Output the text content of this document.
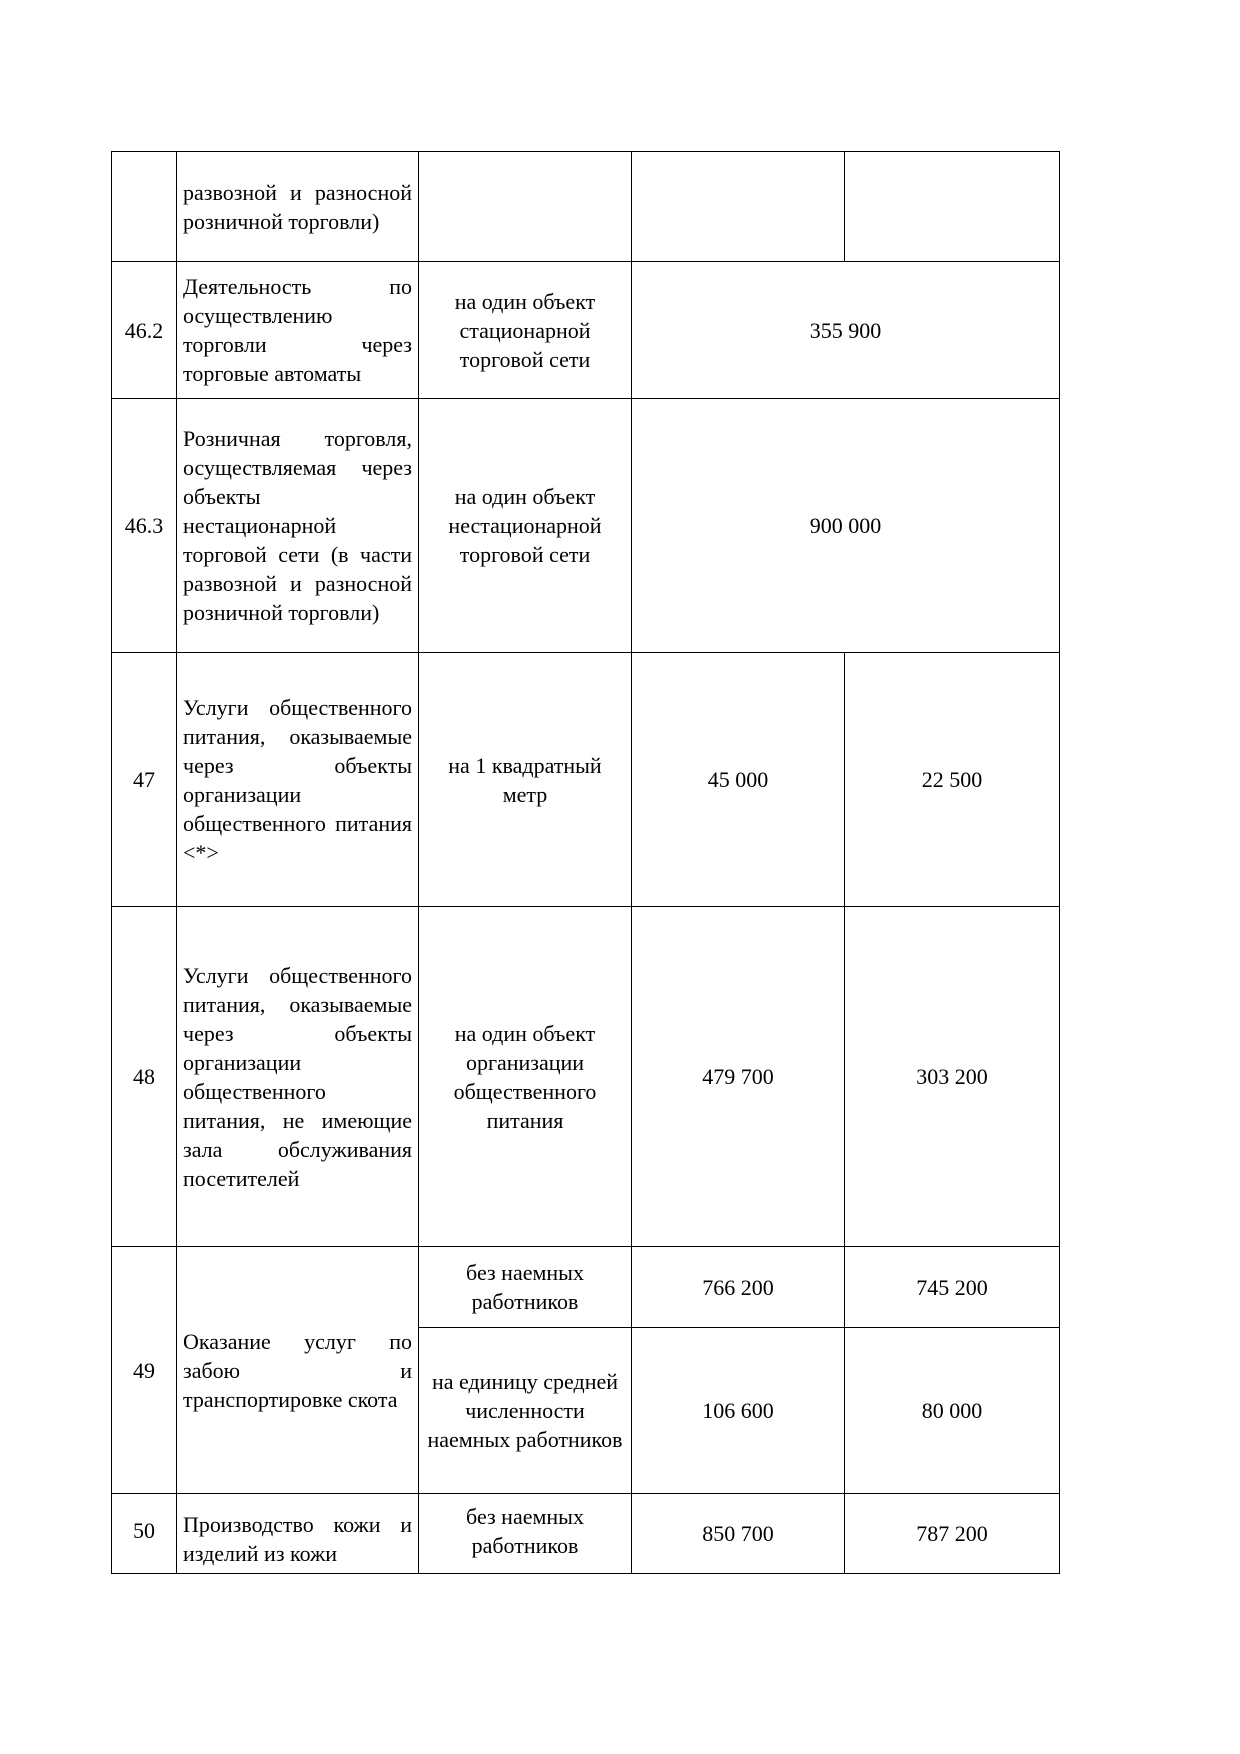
	развозной и разносной розничной торговли)			
46.2	Деятельность по осуществлению торговли через торговые автоматы	на один объект стационарной торговой сети	355 900	
46.3	Розничная торговля, осуществляемая через объекты нестационарной торговой сети (в части развозной и разносной розничной торговли)	на один объект нестационарной торговой сети	900 000	
47	Услуги общественного питания, оказываемые через объекты организации общественного питания <*>	на 1 квадратный метр	45 000	22 500
48	Услуги общественного питания, оказываемые через объекты организации общественного питания, не имеющие зала обслуживания посетителей	на один объект организации общественного питания	479 700	303 200
49	Оказание услуг по забою и транспортировке скота	без наемных работников	766 200	745 200
		на единицу средней численности наемных работников	106 600	80 000
50	Производство кожи и изделий из кожи	без наемных работников	850 700	787 200
